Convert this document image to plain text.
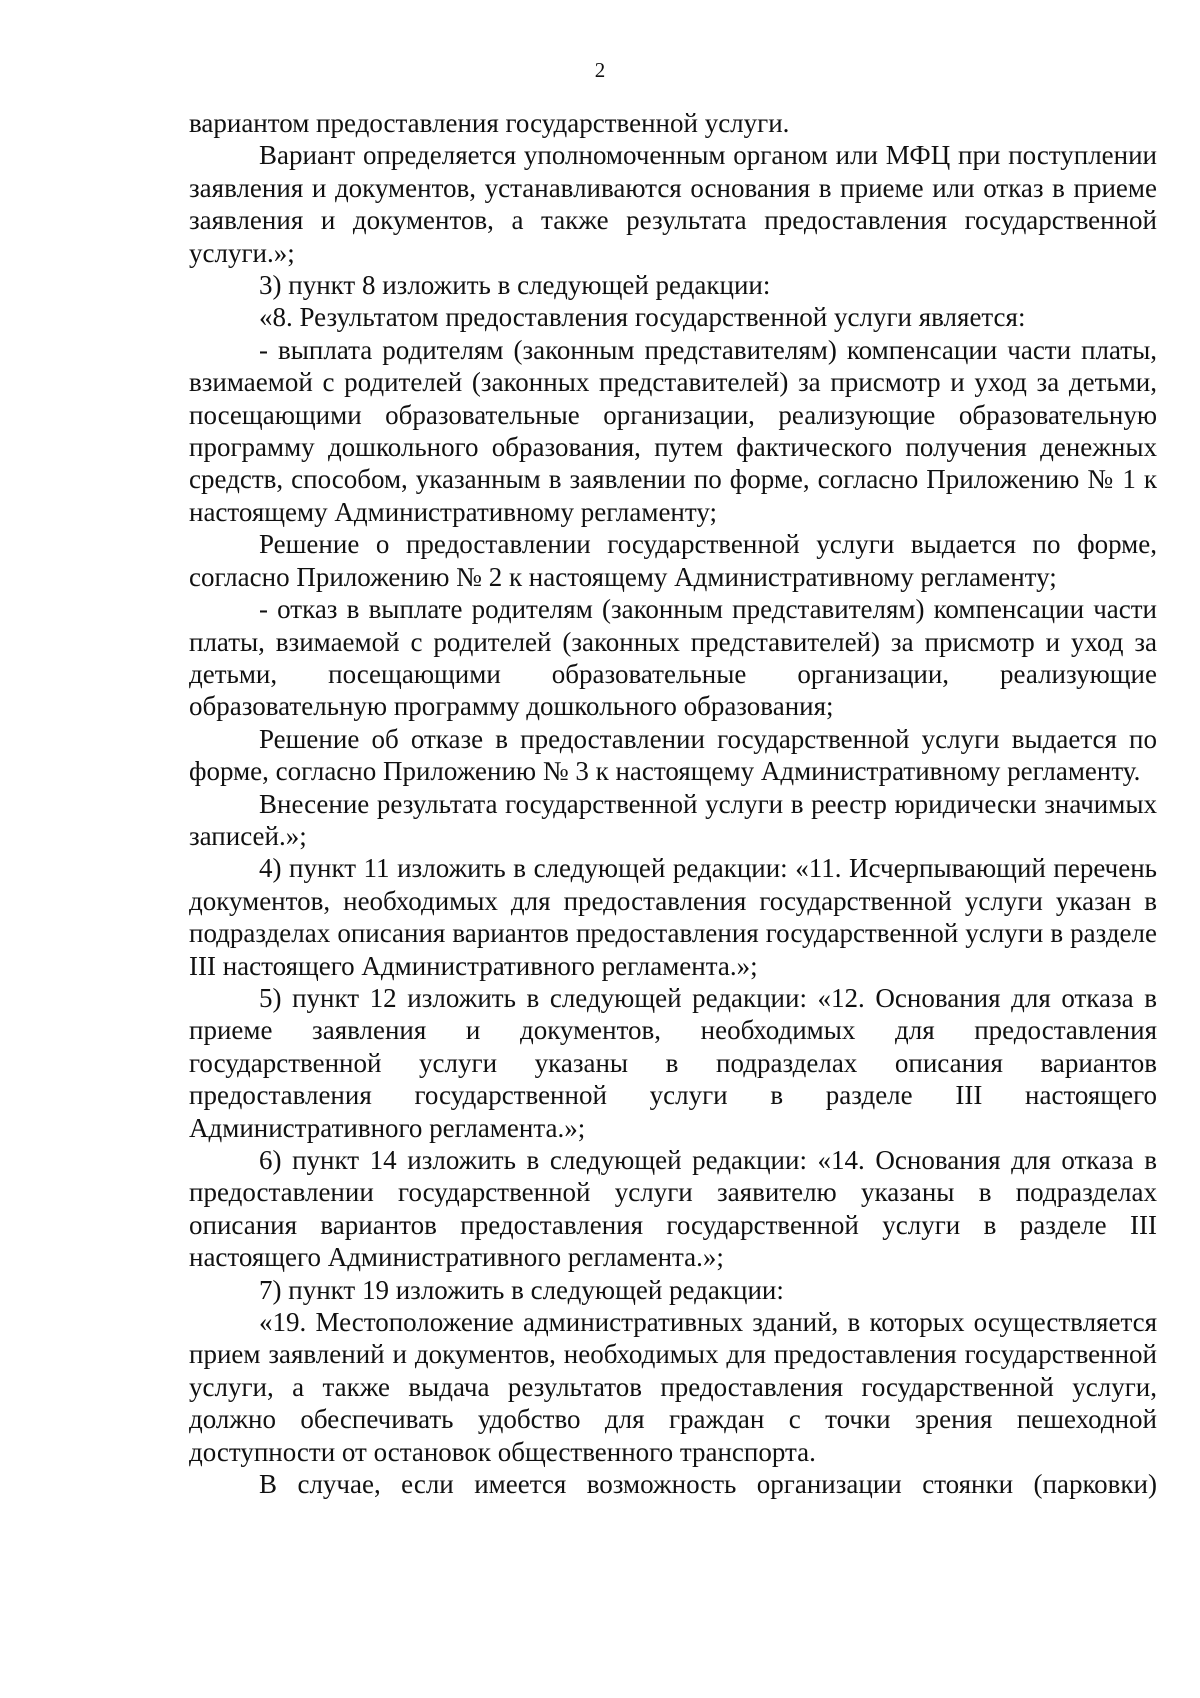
2

вариантом предоставления государственной услуги.

Вариант определяется уполномоченным органом или МФЦ при поступлении заявления и документов, устанавливаются основания в приеме или отказ в приеме заявления и документов, а также результата предоставления государственной услуги.»;

3) пункт 8 изложить в следующей редакции:

«8. Результатом предоставления государственной услуги является:

- выплата родителям (законным представителям) компенсации части платы, взимаемой с родителей (законных представителей) за присмотр и уход за детьми, посещающими образовательные организации, реализующие образовательную программу дошкольного образования, путем фактического получения денежных средств, способом, указанным в заявлении по форме, согласно Приложению № 1 к настоящему Административному регламенту;

Решение о предоставлении государственной услуги выдается по форме, согласно Приложению № 2 к настоящему Административному регламенту;

- отказ в выплате родителям (законным представителям) компенсации части платы, взимаемой с родителей (законных представителей) за присмотр и уход за детьми, посещающими образовательные организации, реализующие образовательную программу дошкольного образования;

Решение об отказе в предоставлении государственной услуги выдается по форме, согласно Приложению № 3 к настоящему Административному регламенту.

Внесение результата государственной услуги в реестр юридически значимых записей.»;

4) пункт 11 изложить в следующей редакции: «11. Исчерпывающий перечень документов, необходимых для предоставления государственной услуги указан в подразделах описания вариантов предоставления государственной услуги в разделе III настоящего Административного регламента.»;

5) пункт 12 изложить в следующей редакции: «12. Основания для отказа в приеме заявления и документов, необходимых для предоставления государственной услуги указаны в подразделах описания вариантов предоставления государственной услуги в разделе III настоящего Административного регламента.»;

6) пункт 14 изложить в следующей редакции: «14. Основания для отказа в предоставлении государственной услуги заявителю указаны в подразделах описания вариантов предоставления государственной услуги в разделе III настоящего Административного регламента.»;

7) пункт 19 изложить в следующей редакции:

«19. Местоположение административных зданий, в которых осуществляется прием заявлений и документов, необходимых для предоставления государственной услуги, а также выдача результатов предоставления государственной услуги, должно обеспечивать удобство для граждан с точки зрения пешеходной доступности от остановок общественного транспорта.

В случае, если имеется возможность организации стоянки (парковки)
